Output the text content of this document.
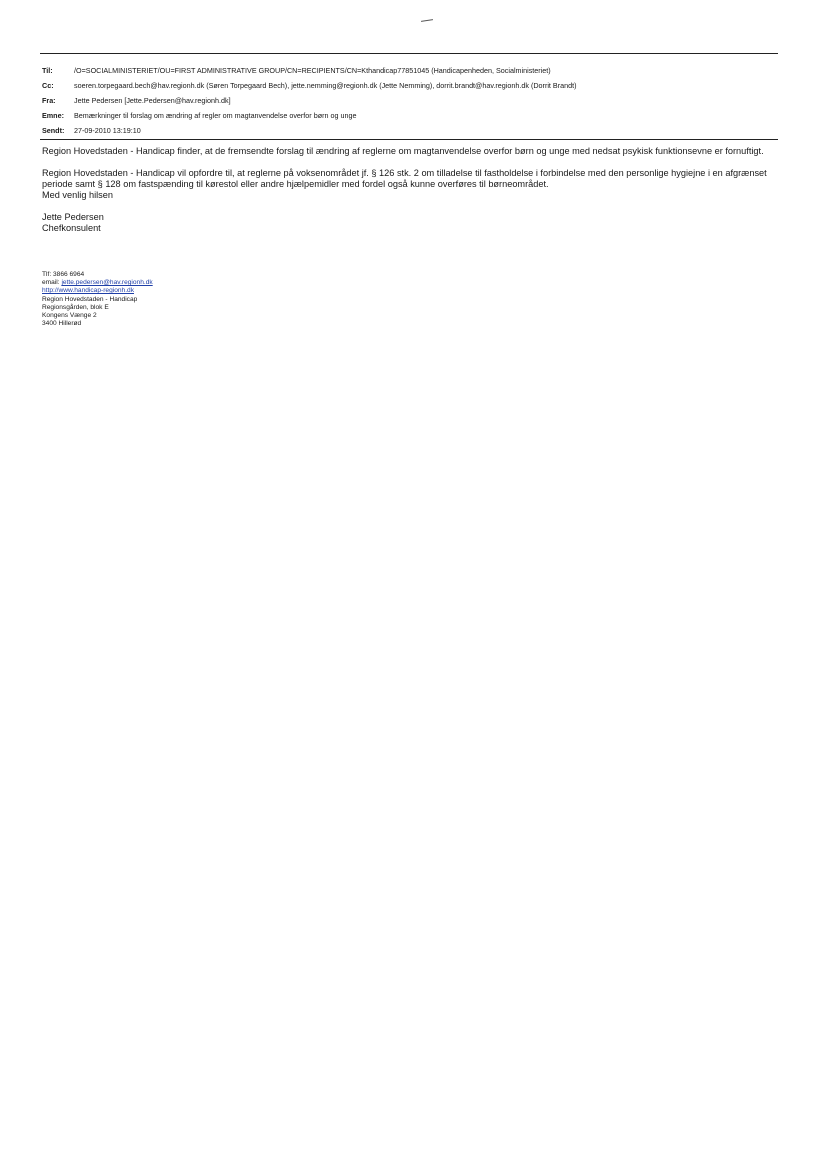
Til:	/O=SOCIALMINISTERIET/OU=FIRST ADMINISTRATIVE GROUP/CN=RECIPIENTS/CN=Kthandicap77851045 (Handicapenheden, Socialministeriet)
Cc:	soeren.torpegaard.bech@hav.regionh.dk (Søren Torpegaard Bech), jette.nemming@regionh.dk (Jette Nemming), dorrit.brandt@hav.regionh.dk (Dorrit Brandt)
Fra:	Jette Pedersen [Jette.Pedersen@hav.regionh.dk]
Emne:	Bemærkninger til forslag om ændring af regler om magtanvendelse overfor børn og unge
Sendt:	27-09-2010 13:19:10

Region Hovedstaden - Handicap finder, at de fremsendte forslag til ændring af reglerne om magtanvendelse overfor børn og unge med nedsat psykisk funktionsevne er fornuftigt.

Region Hovedstaden - Handicap vil opfordre til, at reglerne på voksenområdet jf. § 126 stk. 2 om tilladelse til fastholdelse i forbindelse med den personlige hygiejne i en afgrænset periode samt § 128 om fastspænding til kørestol eller andre hjælpemidler med fordel også kunne overføres til børneområdet.

Med venlig hilsen

Jette Pedersen
Chefkonsulent
Tlf: 3866 6964
email: jette.pedersen@hav.regionh.dk
http://www.handicap-regionh.dk
Region Hovedstaden - Handicap
Regionsgården, blok E
Kongens Vænge 2
3400 Hillerød
